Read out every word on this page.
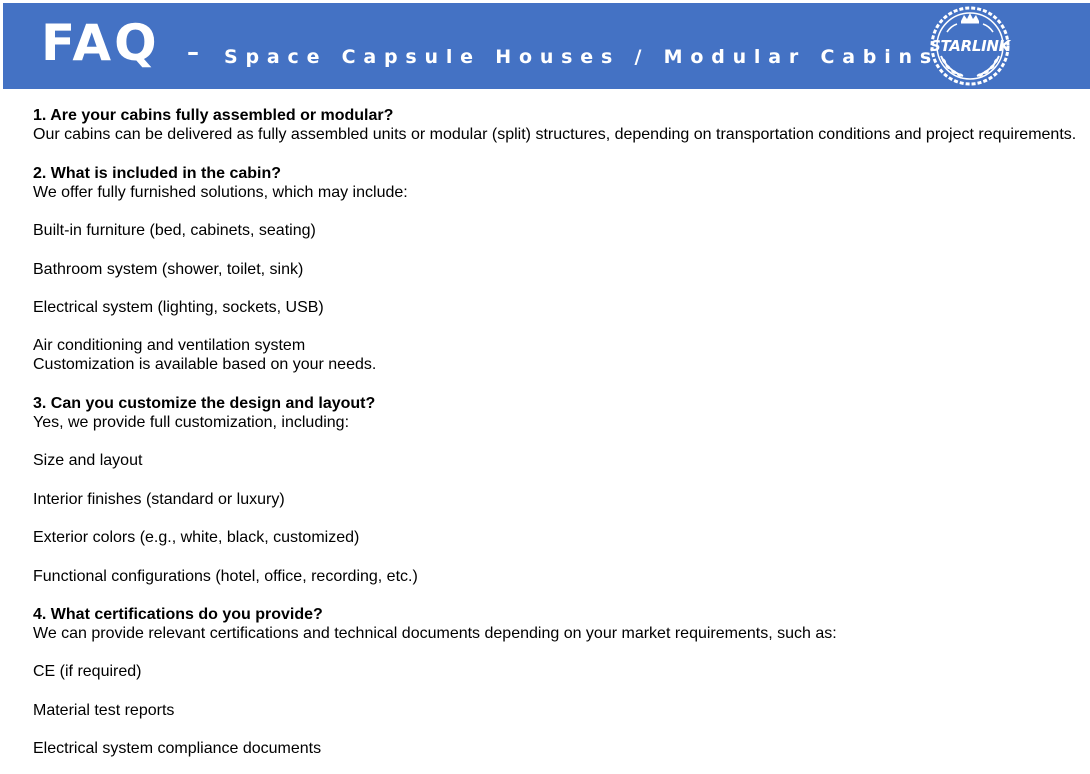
FAQ – Space Capsule Houses / Modular Cabins
STARLINK
1. Are your cabins fully assembled or modular?
Our cabins can be delivered as fully assembled units or modular (split) structures, depending on transportation conditions and project requirements.
2. What is included in the cabin?
We offer fully furnished solutions, which may include:
Built-in furniture (bed, cabinets, seating)
Bathroom system (shower, toilet, sink)
Electrical system (lighting, sockets, USB)
Air conditioning and ventilation system
Customization is available based on your needs.
3. Can you customize the design and layout?
Yes, we provide full customization, including:
Size and layout
Interior finishes (standard or luxury)
Exterior colors (e.g., white, black, customized)
Functional configurations (hotel, office, recording, etc.)
4. What certifications do you provide?
We can provide relevant certifications and technical documents depending on your market requirements, such as:
CE (if required)
Material test reports
Electrical system compliance documents
